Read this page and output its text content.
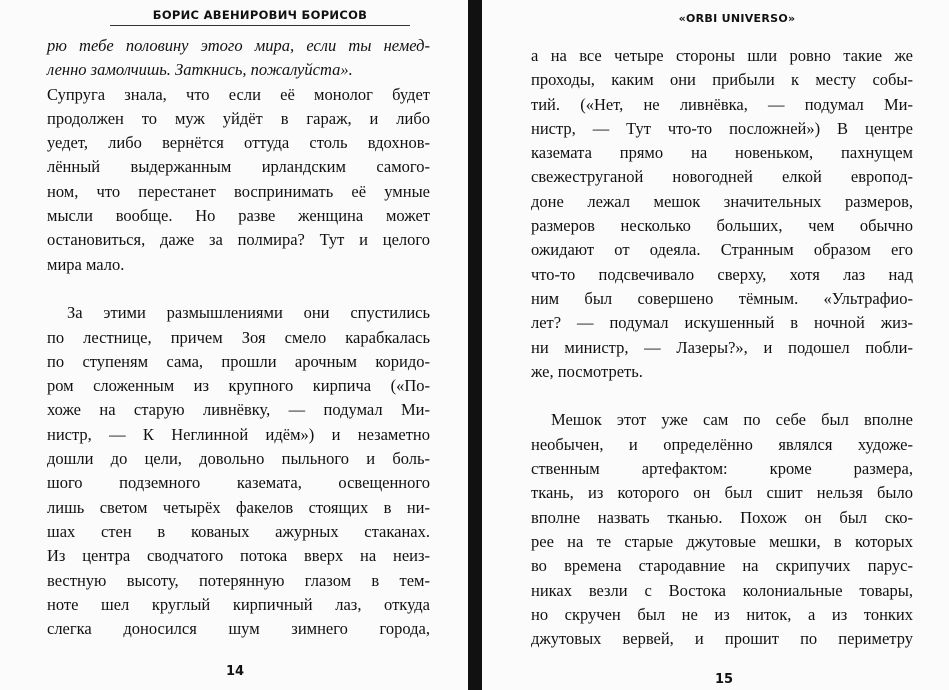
БОРИС АВЕНИРОВИЧ БОРИСОВ
рю тебе половину этого мира, если ты немед-
ленно замолчишь. Заткнись, пожалуйста».
Супруга знала, что если её монолог будет
продолжен то муж уйдёт в гараж, и либо
уедет, либо вернётся оттуда столь вдохнов-
лённый выдержанным ирландским самого-
ном, что перестанет воспринимать её умные
мысли вообще. Но разве женщина может
остановиться, даже за полмира? Тут и целого
мира мало.
За этими размышлениями они спустились
по лестнице, причем Зоя смело карабкалась
по ступеням сама, прошли арочным коридо-
ром сложенным из крупного кирпича («По-
хоже на старую ливнёвку, — подумал Ми-
нистр, — К Неглинной идём») и незаметно
дошли до цели, довольно пыльного и боль-
шого подземного каземата, освещенного
лишь светом четырёх факелов стоящих в ни-
шах стен в кованых ажурных стаканах.
Из центра сводчатого потока вверх на неиз-
вестную высоту, потерянную глазом в тем-
ноте шел круглый кирпичный лаз, откуда
слегка доносился шум зимнего города,
14
«ORBI UNIVERSO»
а на все четыре стороны шли ровно такие же
проходы, каким они прибыли к месту собы-
тий. («Нет, не ливнёвка, — подумал Ми-
нистр, — Тут что-то посложней») В центре
каземата прямо на новеньком, пахнущем
свежеструганой новогодней елкой европод-
доне лежал мешок значительных размеров,
размеров несколько больших, чем обычно
ожидают от одеяла. Странным образом его
что-то подсвечивало сверху, хотя лаз над
ним был совершено тёмным. «Ультрафио-
лет? — подумал искушенный в ночной жиз-
ни министр, — Лазеры?», и подошел побли-
же, посмотреть.
Мешок этот уже сам по себе был вполне
необычен, и определённо являлся художе-
ственным артефактом: кроме размера,
ткань, из которого он был сшит нельзя было
вполне назвать тканью. Похож он был ско-
рее на те старые джутовые мешки, в которых
во времена стародавние на скрипучих парус-
никах везли с Востока колониальные товары,
но скручен был не из ниток, а из тонких
джутовых вервей, и прошит по периметру
15
